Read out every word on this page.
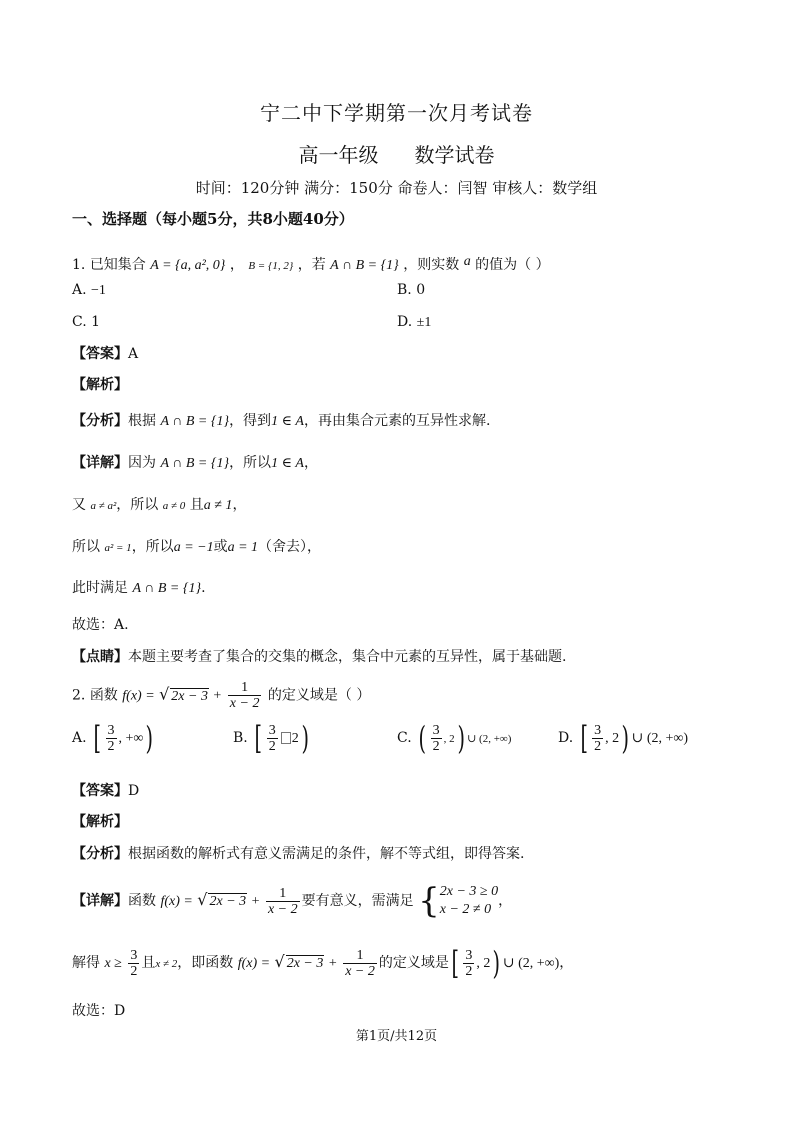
宁二中下学期第一次月考试卷
高一年级 数学试卷
时间：120分钟 满分：150分 命卷人：闫智 审核人：数学组
一、选择题（每小题5分，共8小题40分）
1. 已知集合 A = {a, a², 0} ， B = {1, 2} ，若 A ∩ B = {1} ，则实数 a 的值为（ ）
A. −1	B. 0
C. 1	D. ±1
【答案】A
【解析】
【分析】根据 A ∩ B = {1}，得到1 ∈ A，再由集合元素的互异性求解.
【详解】因为 A ∩ B = {1}，所以1 ∈ A，
又 a ≠ a²，所以 a ≠ 0 且a ≠ 1，
所以 a² = 1，所以a = −1或a = 1（舍去），
此时满足 A ∩ B = {1}.
故选：A.
【点睛】本题主要考查了集合的交集的概念，集合中元素的互异性，属于基础题.
2. 函数 f(x) = √ $2x - 3 + \frac{1}{x - 2}$ 的定义域是（ ）
A. [ $\frac{3}{2}$ , +∞)	B. [ $\frac{3}{2} 2$)	C. ( $\frac{3}{2}$ , 2) ∪ (2, +∞)	D. [ $\frac{3}{2}$ , 2) ∪ (2, +∞)
【答案】D
【解析】
【分析】根据函数的解析式有意义需满足的条件，解不等式组，即得答案.
【详解】函数 f(x) = √ $2x - 3 + \frac{1}{x - 2}$ 要有意义，需满足 { 2x − 3 ≥ 0
x − 2 ≠ 0
，
解得 $x \ge \frac{3}{2}$ 且x ≠ 2，即函数 f(x) = √ $2x - 3 + \frac{1}{x - 2}$ 的定义域是[ $\frac{3}{2}$ , 2) ∪ (2, +∞)，
故选：D
第1页/共12页
